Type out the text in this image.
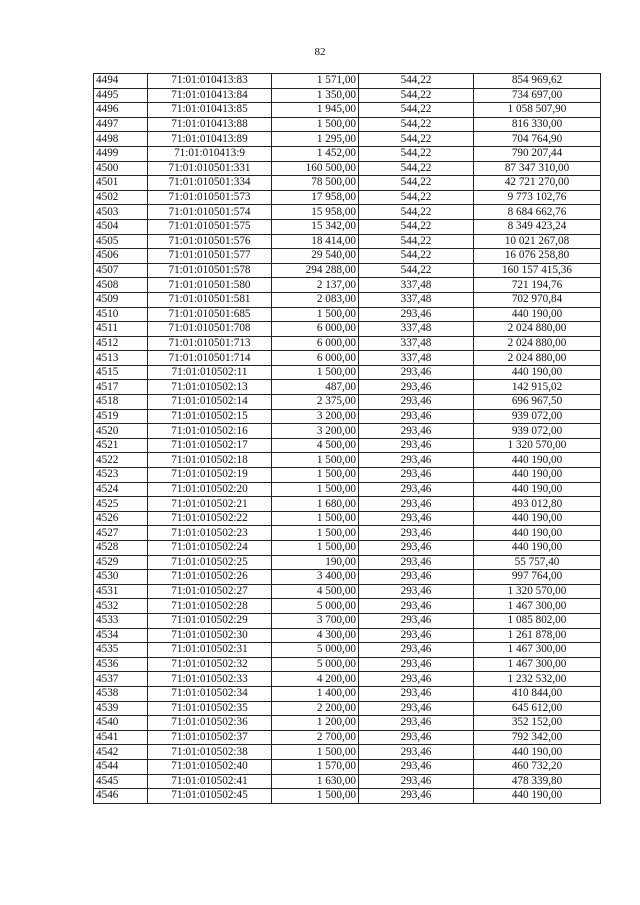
82
4494	71:01:010413:83	1 571,00	544,22	854 969,62
4495	71:01:010413:84	1 350,00	544,22	734 697,00
4496	71:01:010413:85	1 945,00	544,22	1 058 507,90
4497	71:01:010413:88	1 500,00	544,22	816 330,00
4498	71:01:010413:89	1 295,00	544,22	704 764,90
4499	71:01:010413:9	1 452,00	544,22	790 207,44
4500	71:01:010501:331	160 500,00	544,22	87 347 310,00
4501	71:01:010501:334	78 500,00	544,22	42 721 270,00
4502	71:01:010501:573	17 958,00	544,22	9 773 102,76
4503	71:01:010501:574	15 958,00	544,22	8 684 662,76
4504	71:01:010501:575	15 342,00	544,22	8 349 423,24
4505	71:01:010501:576	18 414,00	544,22	10 021 267,08
4506	71:01:010501:577	29 540,00	544,22	16 076 258,80
4507	71:01:010501:578	294 288,00	544,22	160 157 415,36
4508	71:01:010501:580	2 137,00	337,48	721 194,76
4509	71:01:010501:581	2 083,00	337,48	702 970,84
4510	71:01:010501:685	1 500,00	293,46	440 190,00
4511	71:01:010501:708	6 000,00	337,48	2 024 880,00
4512	71:01:010501:713	6 000,00	337,48	2 024 880,00
4513	71:01:010501:714	6 000,00	337,48	2 024 880,00
4515	71:01:010502:11	1 500,00	293,46	440 190,00
4517	71:01:010502:13	487,00	293,46	142 915,02
4518	71:01:010502:14	2 375,00	293,46	696 967,50
4519	71:01:010502:15	3 200,00	293,46	939 072,00
4520	71:01:010502:16	3 200,00	293,46	939 072,00
4521	71:01:010502:17	4 500,00	293,46	1 320 570,00
4522	71:01:010502:18	1 500,00	293,46	440 190,00
4523	71:01:010502:19	1 500,00	293,46	440 190,00
4524	71:01:010502:20	1 500,00	293,46	440 190,00
4525	71:01:010502:21	1 680,00	293,46	493 012,80
4526	71:01:010502:22	1 500,00	293,46	440 190,00
4527	71:01:010502:23	1 500,00	293,46	440 190,00
4528	71:01:010502:24	1 500,00	293,46	440 190,00
4529	71:01:010502:25	190,00	293,46	55 757,40
4530	71:01:010502:26	3 400,00	293,46	997 764,00
4531	71:01:010502:27	4 500,00	293,46	1 320 570,00
4532	71:01:010502:28	5 000,00	293,46	1 467 300,00
4533	71:01:010502:29	3 700,00	293,46	1 085 802,00
4534	71:01:010502:30	4 300,00	293,46	1 261 878,00
4535	71:01:010502:31	5 000,00	293,46	1 467 300,00
4536	71:01:010502:32	5 000,00	293,46	1 467 300,00
4537	71:01:010502:33	4 200,00	293,46	1 232 532,00
4538	71:01:010502:34	1 400,00	293,46	410 844,00
4539	71:01:010502:35	2 200,00	293,46	645 612,00
4540	71:01:010502:36	1 200,00	293,46	352 152,00
4541	71:01:010502:37	2 700,00	293,46	792 342,00
4542	71:01:010502:38	1 500,00	293,46	440 190,00
4544	71:01:010502:40	1 570,00	293,46	460 732,20
4545	71:01:010502:41	1 630,00	293,46	478 339,80
4546	71:01:010502:45	1 500,00	293,46	440 190,00
